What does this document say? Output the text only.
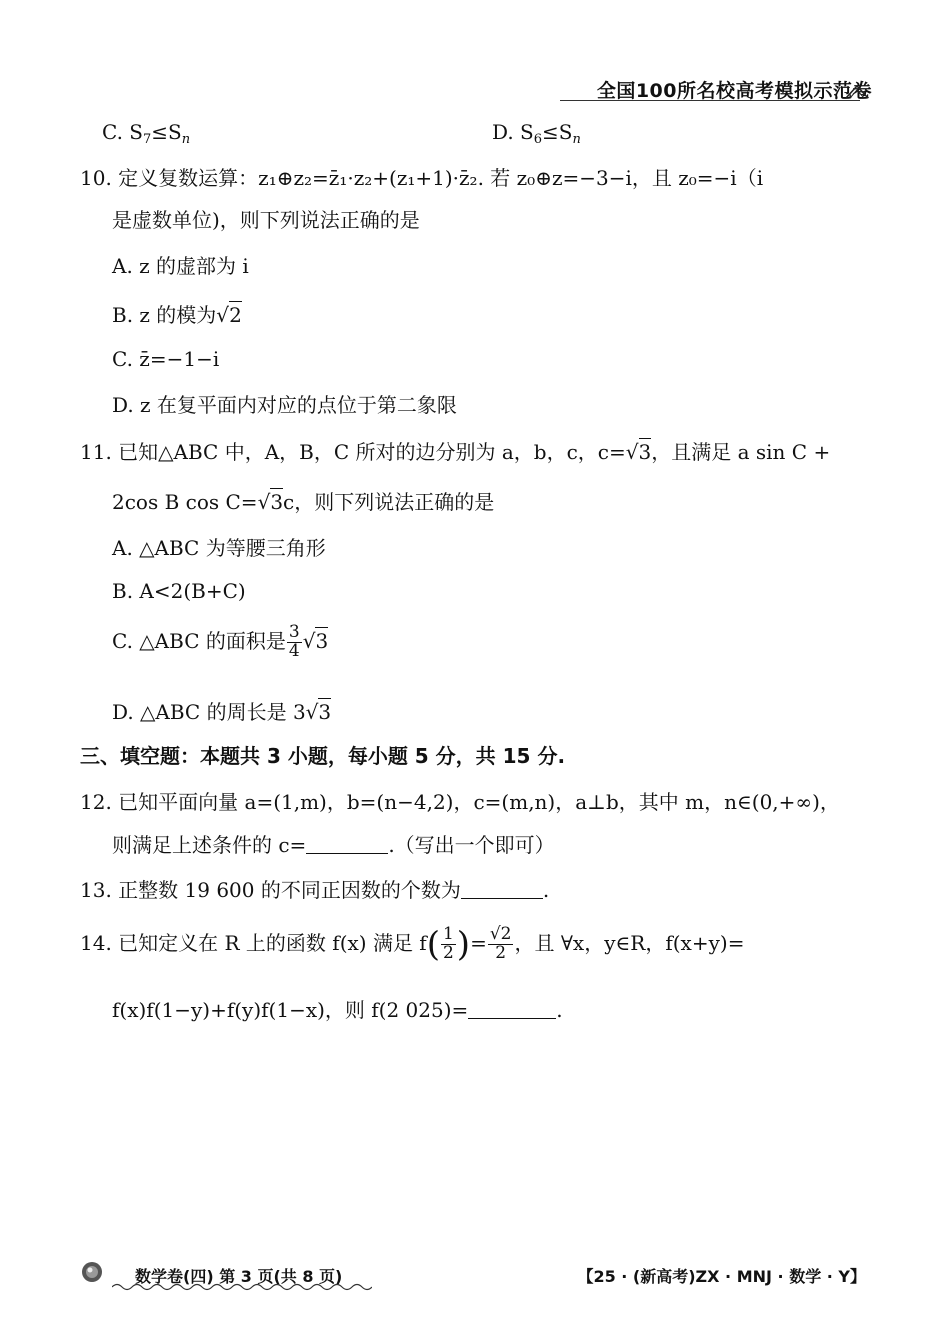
全国100所名校高考模拟示范卷
C. $S_7\le S_n$	D. $S_6\le S_n$
10. 定义复数运算：z₁⊕z₂=z̄₁·z₂+(z₁+1)·z̄₂. 若 z₀⊕z=−3−i，且 z₀=−i（i
是虚数单位)，则下列说法正确的是
A. z 的虚部为 i
B. z 的模为√2
C. z̄=−1−i
D. z 在复平面内对应的点位于第二象限
11. 已知△ABC 中，A，B，C 所对的边分别为 a，b，c，c=√3，且满足 a sin C +
2cos B cos C=√3c，则下列说法正确的是
A. △ABC 为等腰三角形
B. A<2(B+C)
C. △ABC 的面积是 $\frac{3}{4} √3$
D. △ABC 的周长是 3√3
三、填空题：本题共 3 小题，每小题 5 分，共 15 分.
12. 已知平面向量 a=(1,m)，b=(n−4,2)，c=(m,n)，a⊥b，其中 m，n∈(0,+∞)，
则满足上述条件的 c=	.（写出一个即可）
13. 正整数 19 600 的不同正因数的个数为	.
14. 已知定义在 R 上的函数 f(x) 满足 $f( \frac{1}{2}$ )= $\frac{√2}{2}$ ，且 ∀x，y∈R，f(x+y)=
f(x)f(1−y)+f(y)f(1−x)，则 f(2 025)=	.
数学卷(四) 第 3 页(共 8 页)	【25 · (新高考)ZX · MNJ · 数学 · Y】
